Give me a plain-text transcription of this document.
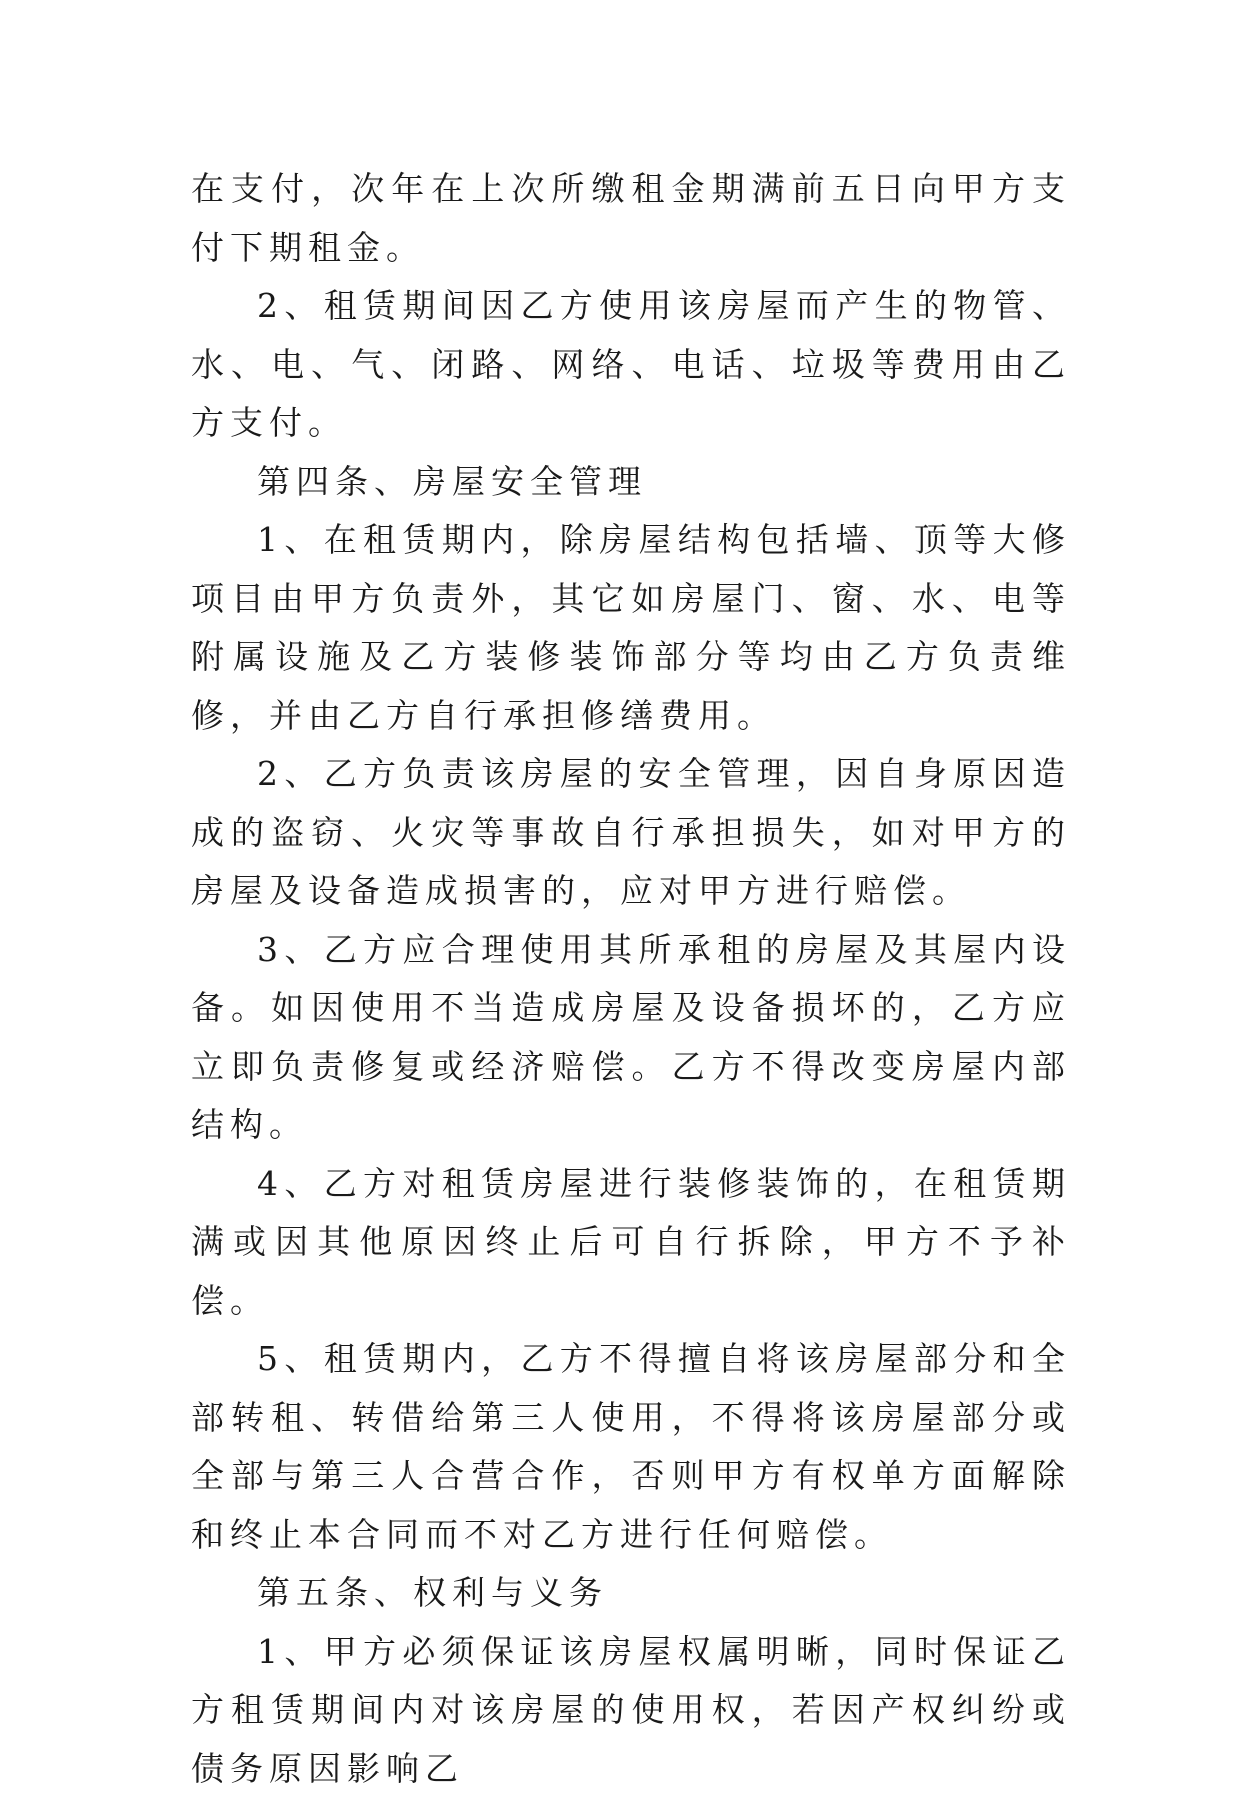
在支付，次年在上次所缴租金期满前五日向甲方支付下期租金。

2、租赁期间因乙方使用该房屋而产生的物管、水、电、气、闭路、网络、电话、垃圾等费用由乙方支付。

第四条、房屋安全管理

1、在租赁期内，除房屋结构包括墙、顶等大修项目由甲方负责外，其它如房屋门、窗、水、电等附属设施及乙方装修装饰部分等均由乙方负责维修，并由乙方自行承担修缮费用。

2、乙方负责该房屋的安全管理，因自身原因造成的盗窃、火灾等事故自行承担损失，如对甲方的房屋及设备造成损害的，应对甲方进行赔偿。

3、乙方应合理使用其所承租的房屋及其屋内设备。如因使用不当造成房屋及设备损坏的，乙方应立即负责修复或经济赔偿。乙方不得改变房屋内部结构。

4、乙方对租赁房屋进行装修装饰的，在租赁期满或因其他原因终止后可自行拆除，甲方不予补偿。

5、租赁期内，乙方不得擅自将该房屋部分和全部转租、转借给第三人使用，不得将该房屋部分或全部与第三人合营合作，否则甲方有权单方面解除和终止本合同而不对乙方进行任何赔偿。

第五条、权利与义务

1、甲方必须保证该房屋权属明晰，同时保证乙方租赁期间内对该房屋的使用权，若因产权纠纷或债务原因影响乙
